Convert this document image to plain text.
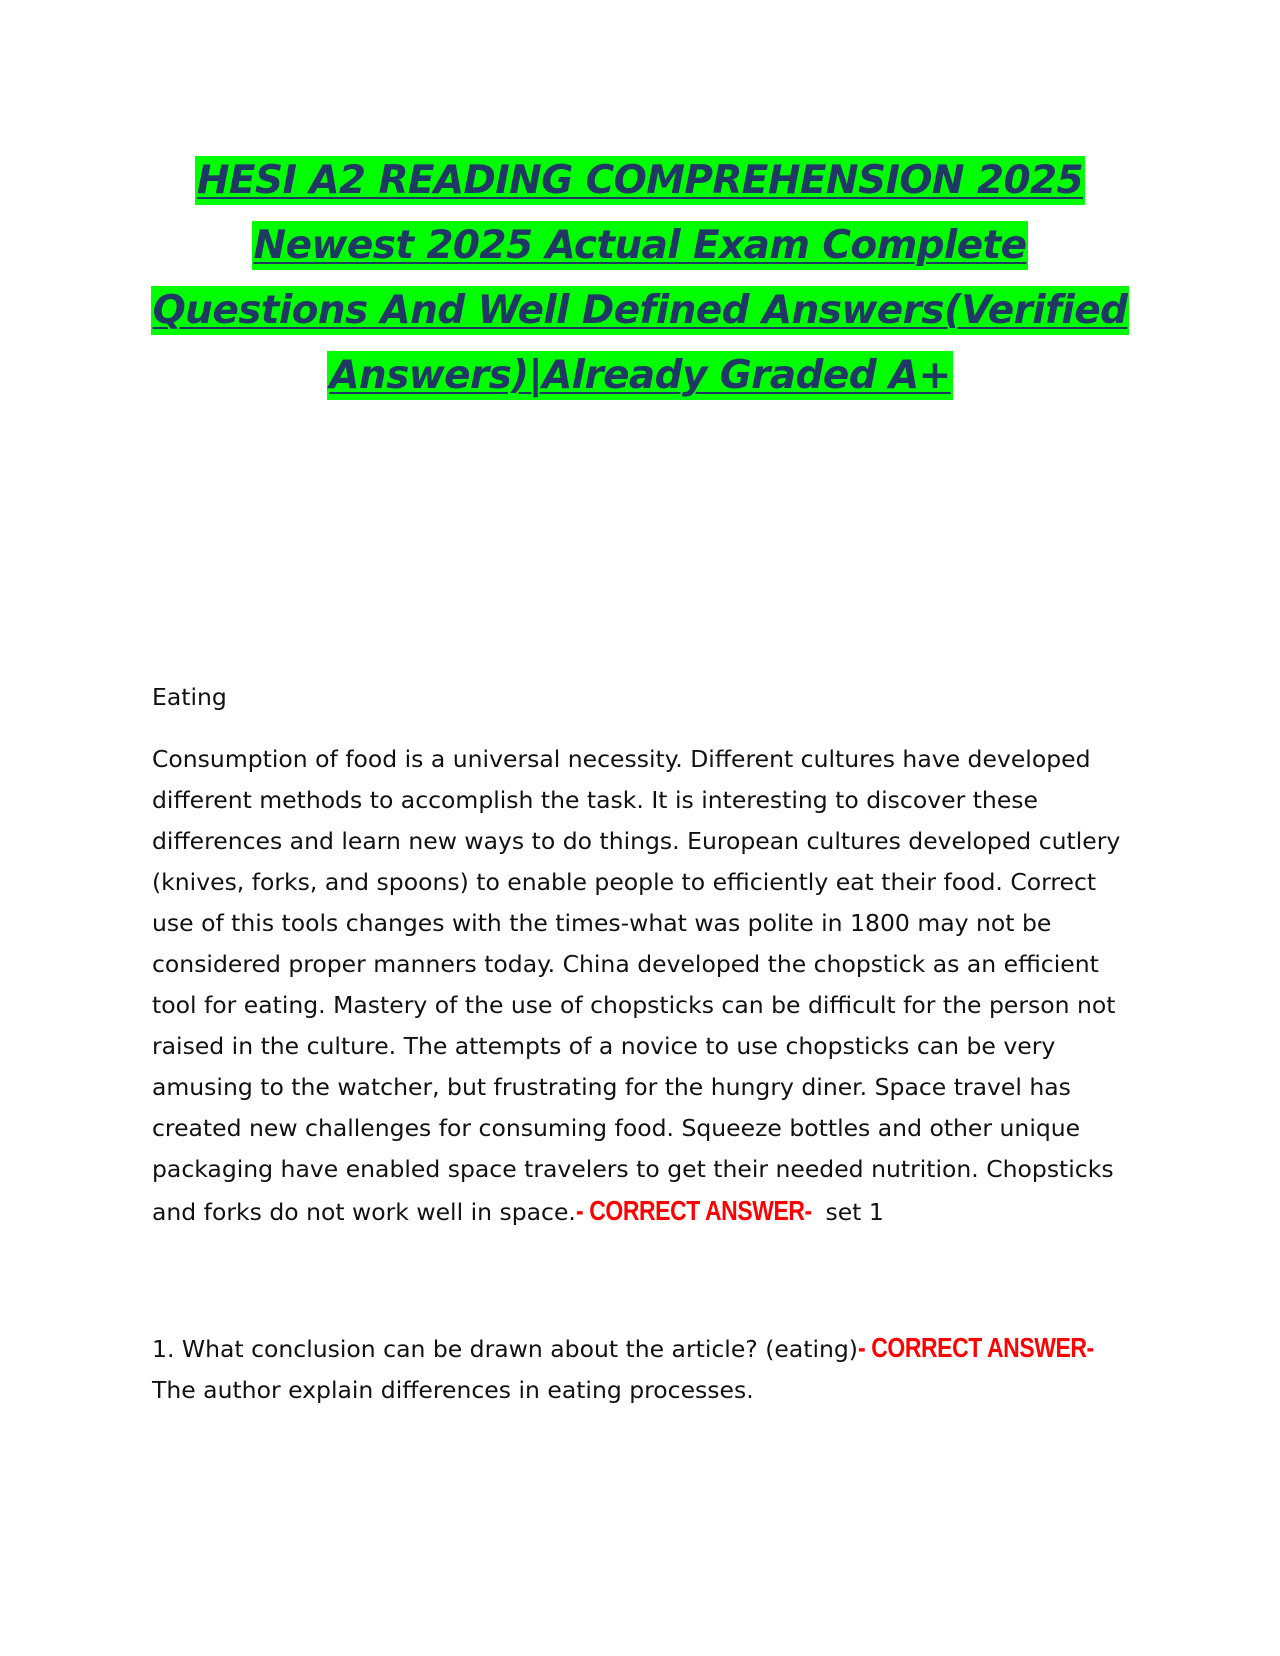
HESI A2 READING COMPREHENSION 2025 Newest 2025 Actual Exam Complete Questions And Well Defined Answers(Verified Answers)|Already Graded A+
Eating
Consumption of food is a universal necessity. Different cultures have developed different methods to accomplish the task. It is interesting to discover these differences and learn new ways to do things. European cultures developed cutlery (knives, forks, and spoons) to enable people to efficiently eat their food. Correct use of this tools changes with the times-what was polite in 1800 may not be considered proper manners today. China developed the chopstick as an efficient tool for eating. Mastery of the use of chopsticks can be difficult for the person not raised in the culture. The attempts of a novice to use chopsticks can be very amusing to the watcher, but frustrating for the hungry diner. Space travel has created new challenges for consuming food. Squeeze bottles and other unique packaging have enabled space travelers to get their needed nutrition. Chopsticks and forks do not work well in space.- CORRECT ANSWER- set 1
1. What conclusion can be drawn about the article? (eating)- CORRECT ANSWER-
The author explain differences in eating processes.
